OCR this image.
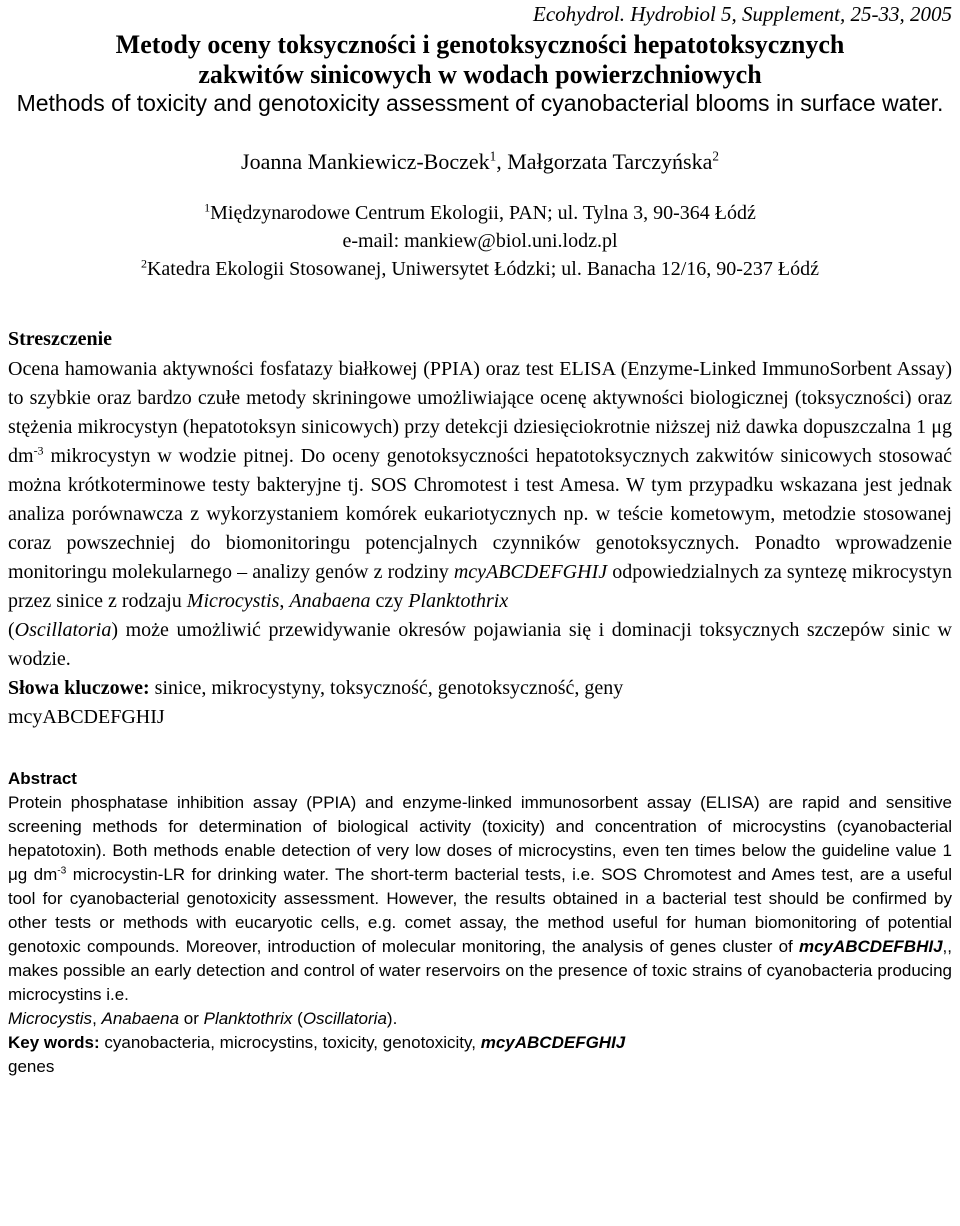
Ecohydrol. Hydrobiol 5, Supplement, 25-33, 2005

Metody oceny toksyczności i genotoksyczności hepatotoksycznych
zakwitów sinicowych w wodach powierzchniowych

Methods of toxicity and genotoxicity assessment of cyanobacterial blooms in surface water.

Joanna Mankiewicz-Boczek$^1$, Małgorzata Tarczyńska$^2$

$^1$Międzynarodowe Centrum Ekologii, PAN; ul. Tylna 3, 90-364 Łódź

e-mail: mankiew@biol.uni.lodz.pl

$^2$Katedra Ekologii Stosowanej, Uniwersytet Łódzki; ul. Banacha 12/16, 90-237 Łódź

Streszczenie

Ocena hamowania aktywności fosfatazy białkowej (PPIA) oraz test ELISA (Enzyme-Linked ImmunoSorbent Assay) to szybkie oraz bardzo czułe metody skriningowe umożliwiające ocenę aktywności biologicznej (toksyczności) oraz stężenia mikrocystyn (hepatotoksyn sinicowych) przy detekcji dziesięciokrotnie niższej niż dawka dopuszczalna 1 μg $dm^{-3}$ mikrocystyn w wodzie pitnej. Do oceny genotoksyczności hepatotoksycznych zakwitów sinicowych stosować można krótkoterminowe testy bakteryjne tj. SOS Chromotest i test Amesa. W tym przypadku wskazana jest jednak analiza porównawcza z wykorzystaniem komórek eukariotycznych np. w teście kometowym, metodzie stosowanej coraz powszechniej do biomonitoringu potencjalnych czynników genotoksycznych. Ponadto wprowadzenie monitoringu molekularnego – analizy genów z rodziny mcyABCDEFGHIJ odpowiedzialnych za syntezę mikrocystyn przez sinice z rodzaju Microcystis, Anabaena czy Planktothrix
(Oscillatoria) może umożliwić przewidywanie okresów pojawiania się i dominacji toksycznych szczepów sinic w wodzie.

Słowa kluczowe: sinice, mikrocystyny, toksyczność, genotoksyczność, geny
mcyABCDEFGHIJ

Abstract

Protein phosphatase inhibition assay (PPIA) and enzyme-linked immunosorbent assay (ELISA) are rapid and sensitive screening methods for determination of biological activity (toxicity) and concentration of microcystins (cyanobacterial hepatotoxin). Both methods enable detection of very low doses of microcystins, even ten times below the guideline value 1 μg $dm^{-3}$ microcystin-LR for drinking water. The short-term bacterial tests, i.e. SOS Chromotest and Ames test, are a useful tool for cyanobacterial genotoxicity assessment. However, the results obtained in a bacterial test should be confirmed by other tests or methods with eucaryotic cells, e.g. comet assay, the method useful for human biomonitoring of potential genotoxic compounds. Moreover, introduction of molecular monitoring, the analysis of genes cluster of mcyABCDEFBHIJ,, makes possible an early detection and control of water reservoirs on the presence of toxic strains of cyanobacteria producing microcystins i.e.
Microcystis, Anabaena or Planktothrix (Oscillatoria).

Key words: cyanobacteria, microcystins, toxicity, genotoxicity, mcyABCDEFGHIJ
genes
